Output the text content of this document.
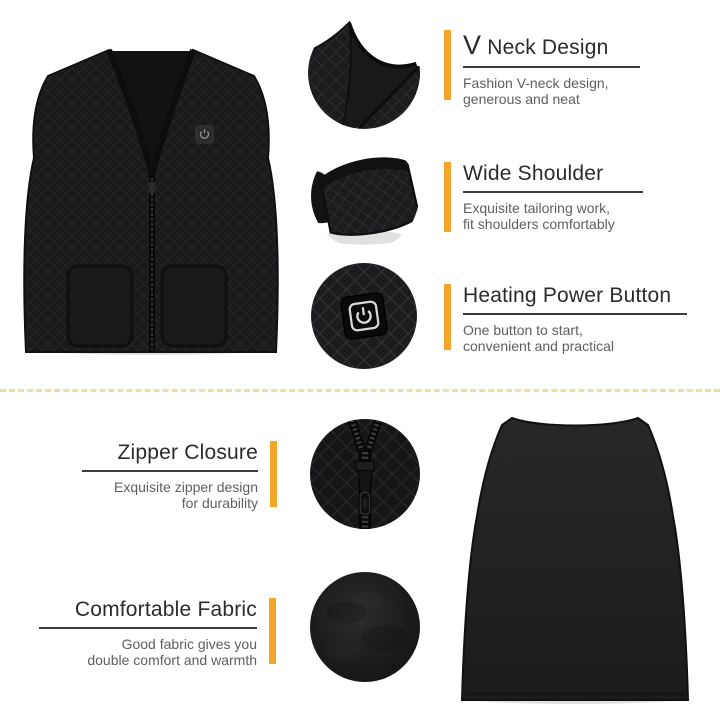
V Neck Design

Fashion V-neck design,
generous and neat

Wide Shoulder

Exquisite tailoring work,
fit shoulders comfortably

Heating Power Button

One button to start,
convenient and practical

Zipper Closure

Exquisite zipper design
for durability

Comfortable Fabric

Good fabric gives you
double comfort and warmth
